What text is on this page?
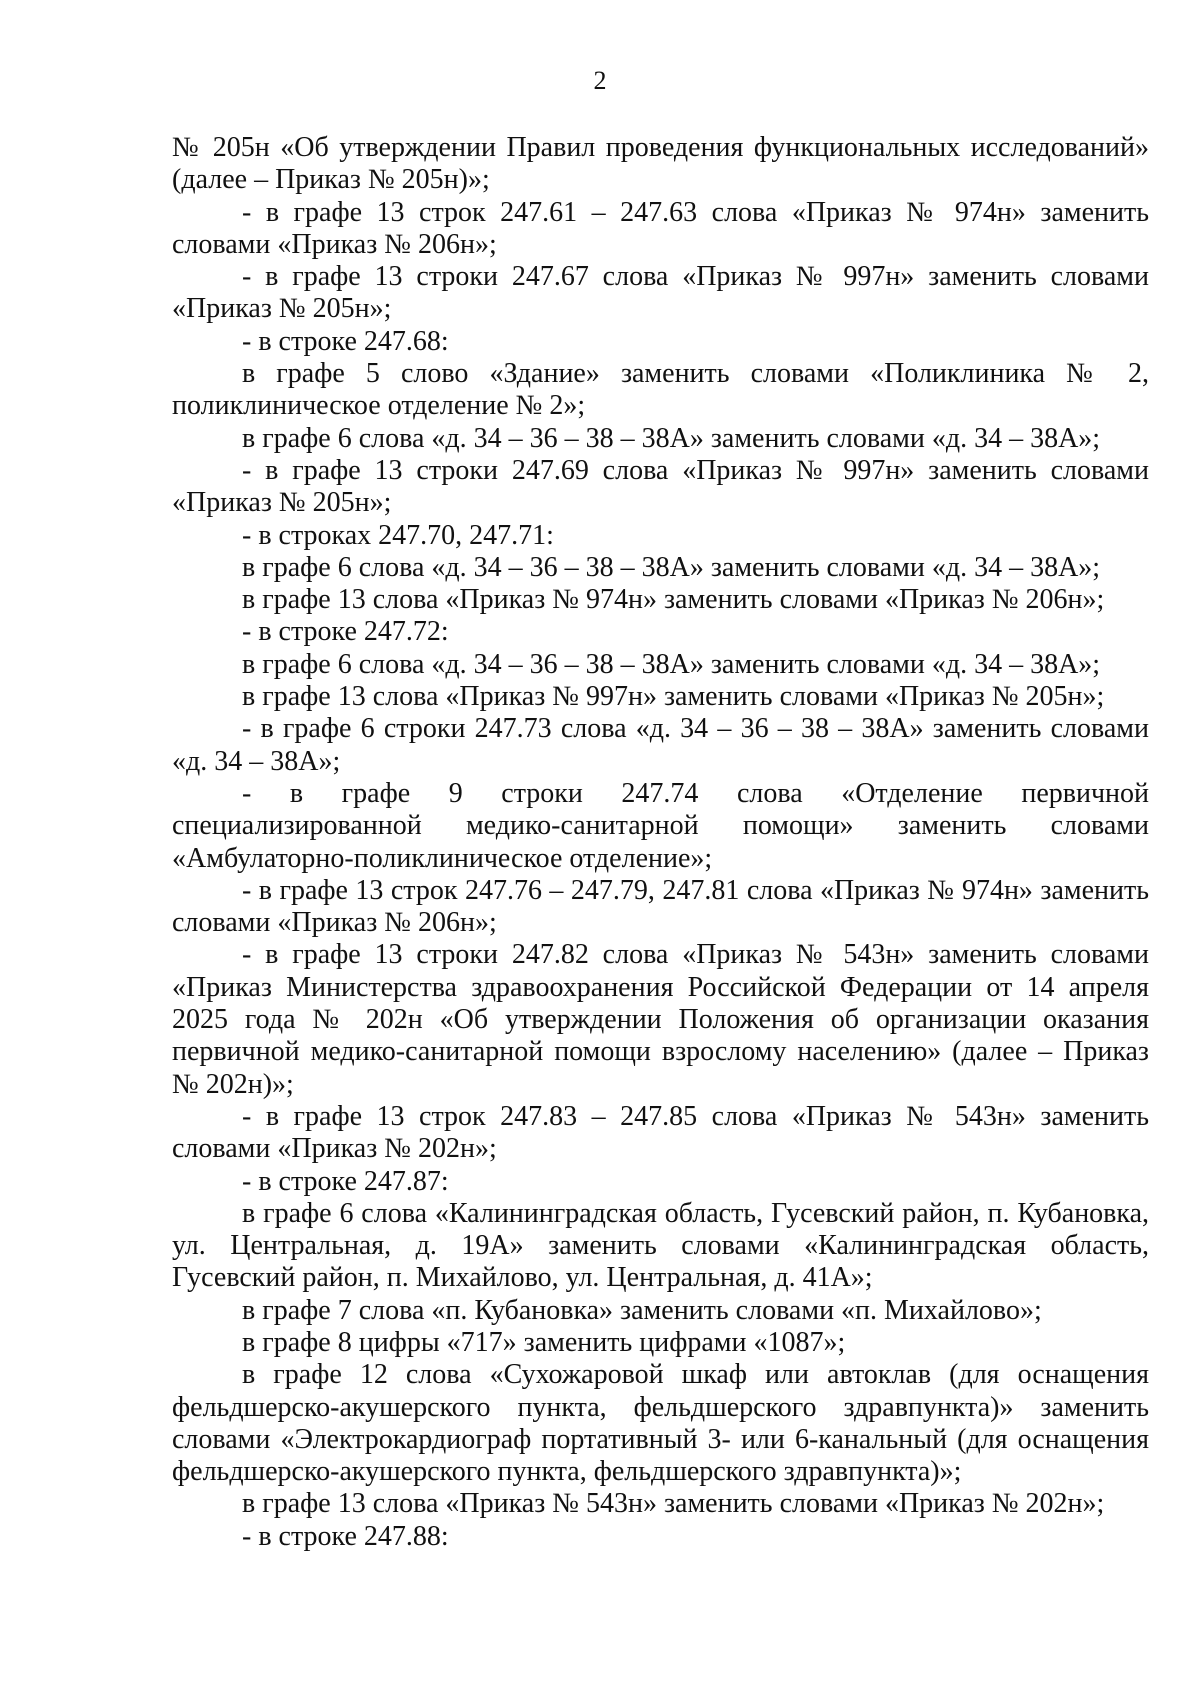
2

№ 205н «Об утверждении Правил проведения функциональных исследований» (далее – Приказ № 205н)»;

- в графе 13 строк 247.61 – 247.63 слова «Приказ № 974н» заменить словами «Приказ № 206н»;

- в графе 13 строки 247.67 слова «Приказ № 997н» заменить словами «Приказ № 205н»;

- в строке 247.68:

в графе 5 слово «Здание» заменить словами «Поликлиника № 2, поликлиническое отделение № 2»;

в графе 6 слова «д. 34 – 36 – 38 – 38А» заменить словами «д. 34 – 38А»;

- в графе 13 строки 247.69 слова «Приказ № 997н» заменить словами «Приказ № 205н»;

- в строках 247.70, 247.71:

в графе 6 слова «д. 34 – 36 – 38 – 38А» заменить словами «д. 34 – 38А»;

в графе 13 слова «Приказ № 974н» заменить словами «Приказ № 206н»;

- в строке 247.72:

в графе 6 слова «д. 34 – 36 – 38 – 38А» заменить словами «д. 34 – 38А»;

в графе 13 слова «Приказ № 997н» заменить словами «Приказ № 205н»;

- в графе 6 строки 247.73 слова «д. 34 – 36 – 38 – 38А» заменить словами «д. 34 – 38А»;

- в графе 9 строки 247.74 слова «Отделение первичной специализированной медико-санитарной помощи» заменить словами «Амбулаторно-поликлиническое отделение»;

- в графе 13 строк 247.76 – 247.79, 247.81 слова «Приказ № 974н» заменить словами «Приказ № 206н»;

- в графе 13 строки 247.82 слова «Приказ № 543н» заменить словами «Приказ Министерства здравоохранения Российской Федерации от 14 апреля 2025 года № 202н «Об утверждении Положения об организации оказания первичной медико-санитарной помощи взрослому населению» (далее – Приказ № 202н)»;

- в графе 13 строк 247.83 – 247.85 слова «Приказ № 543н» заменить словами «Приказ № 202н»;

- в строке 247.87:

в графе 6 слова «Калининградская область, Гусевский район, п. Кубановка, ул. Центральная, д. 19А» заменить словами «Калининградская область, Гусевский район, п. Михайлово, ул. Центральная, д. 41А»;

в графе 7 слова «п. Кубановка» заменить словами «п. Михайлово»;

в графе 8 цифры «717» заменить цифрами «1087»;

в графе 12 слова «Сухожаровой шкаф или автоклав (для оснащения фельдшерско-акушерского пункта, фельдшерского здравпункта)» заменить словами «Электрокардиограф портативный 3- или 6-канальный (для оснащения фельдшерско-акушерского пункта, фельдшерского здравпункта)»;

в графе 13 слова «Приказ № 543н» заменить словами «Приказ № 202н»;

- в строке 247.88:
